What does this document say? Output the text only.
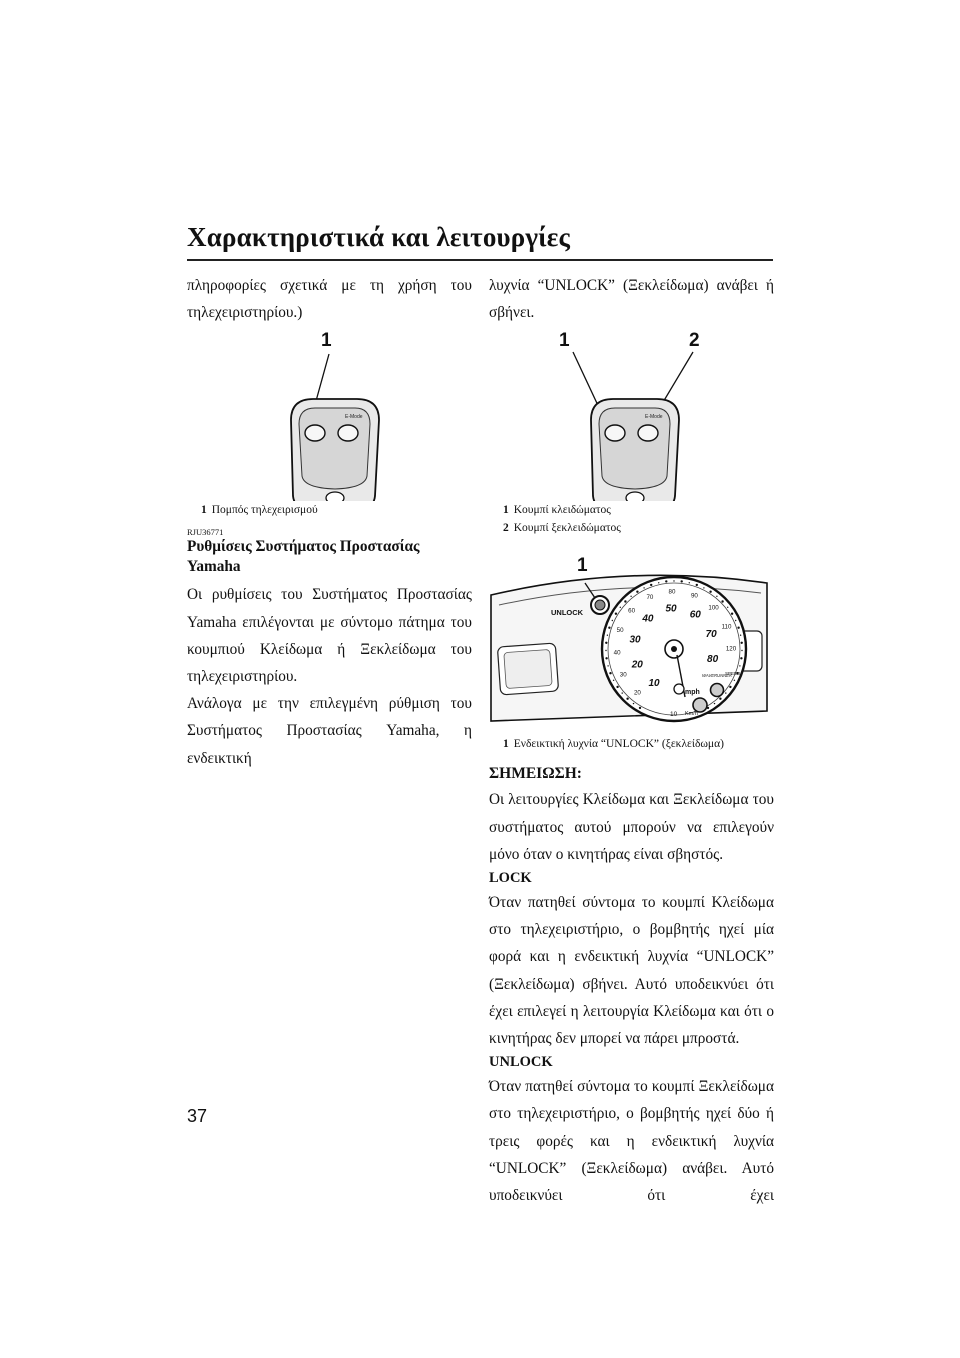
Χαρακτηριστικά και λειτουργίες

πληροφορίες σχετικά με τη χρήση του τηλεχειριστηρίου.)

1
E-Mode
1 Πομπός τηλεχειρισμού
RJU36771
Ρυθμίσεις Συστήματος Προστασίας Yamaha

Οι ρυθμίσεις του Συστήματος Προστασίας Yamaha επιλέγονται με σύντομο πάτημα του κουμπιού Κλείδωμα ή Ξεκλείδωμα του τηλεχειριστηρίου.

Ανάλογα με την επιλεγμένη ρύθμιση του Συστήματος Προστασίας Yamaha, η ενδεικτική

λυχνία “UNLOCK” (Ξεκλείδωμα) ανάβει ή σβήνει.

1	2
E-Mode
1 Κουμπί κλειδώματος
2 Κουμπί ξεκλειδώματος
1
UNLOCK
20
30
40
50
60
70
80
90
100
110
120
10
20
30
40
50
60
70
80
10
mph
Km/h
WAVERUNNER
SPEED
1 Ενδεικτική λυχνία “UNLOCK” (ξεκλείδωμα)
ΣΗΜΕΙΩΣΗ:

Οι λειτουργίες Κλείδωμα και Ξεκλείδωμα του συστήματος αυτού μπορούν να επιλεγούν μόνο όταν ο κινητήρας είναι σβηστός.

LOCK

Όταν πατηθεί σύντομα το κουμπί Κλείδωμα στο τηλεχειριστήριο, ο βομβητής ηχεί μία φορά και η ενδεικτική λυχνία “UNLOCK” (Ξεκλείδωμα) σβήνει. Αυτό υποδεικνύει ότι έχει επιλεγεί η λειτουργία Κλείδωμα και ότι ο κινητήρας δεν μπορεί να πάρει μπροστά.

UNLOCK

Όταν πατηθεί σύντομα το κουμπί Ξεκλείδωμα στο τηλεχειριστήριο, ο βομβητής ηχεί δύο ή τρεις φορές και η ενδεικτική λυχνία “UNLOCK” (Ξεκλείδωμα) ανάβει. Αυτό υποδεικνύει ότι έχει

37
